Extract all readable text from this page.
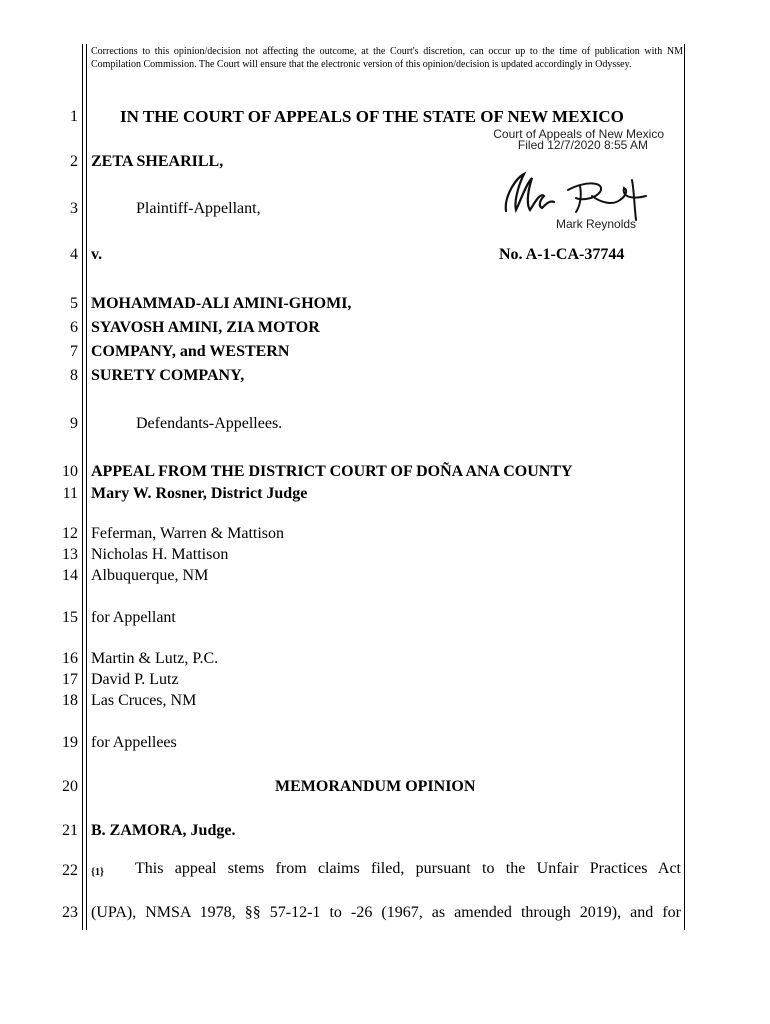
Corrections to this opinion/decision not affecting the outcome, at the Court's discretion, can occur up to the time of publication with NM Compilation Commission. The Court will ensure that the electronic version of this opinion/decision is updated accordingly in Odyssey.
1 IN THE COURT OF APPEALS OF THE STATE OF NEW MEXICO
Court of Appeals of New Mexico
Filed 12/7/2020 8:55 AM
Mark Reynolds
2 ZETA SHEARILL,
3	Plaintiff-Appellant,
4 v.	No. A-1-CA-37744
5 MOHAMMAD-ALI AMINI-GHOMI,
6 SYAVOSH AMINI, ZIA MOTOR
7 COMPANY, and WESTERN
8 SURETY COMPANY,
9	Defendants-Appellees.
10 APPEAL FROM THE DISTRICT COURT OF DOÑA ANA COUNTY
11 Mary W. Rosner, District Judge
12 Feferman, Warren & Mattison
13 Nicholas H. Mattison
14 Albuquerque, NM
15 for Appellant
16 Martin & Lutz, P.C.
17 David P. Lutz
18 Las Cruces, NM
19 for Appellees
20	MEMORANDUM OPINION
21 B. ZAMORA, Judge.
22 {1} This appeal stems from claims filed, pursuant to the Unfair Practices Act
23 (UPA), NMSA 1978, §§ 57-12-1 to -26 (1967, as amended through 2019), and for
